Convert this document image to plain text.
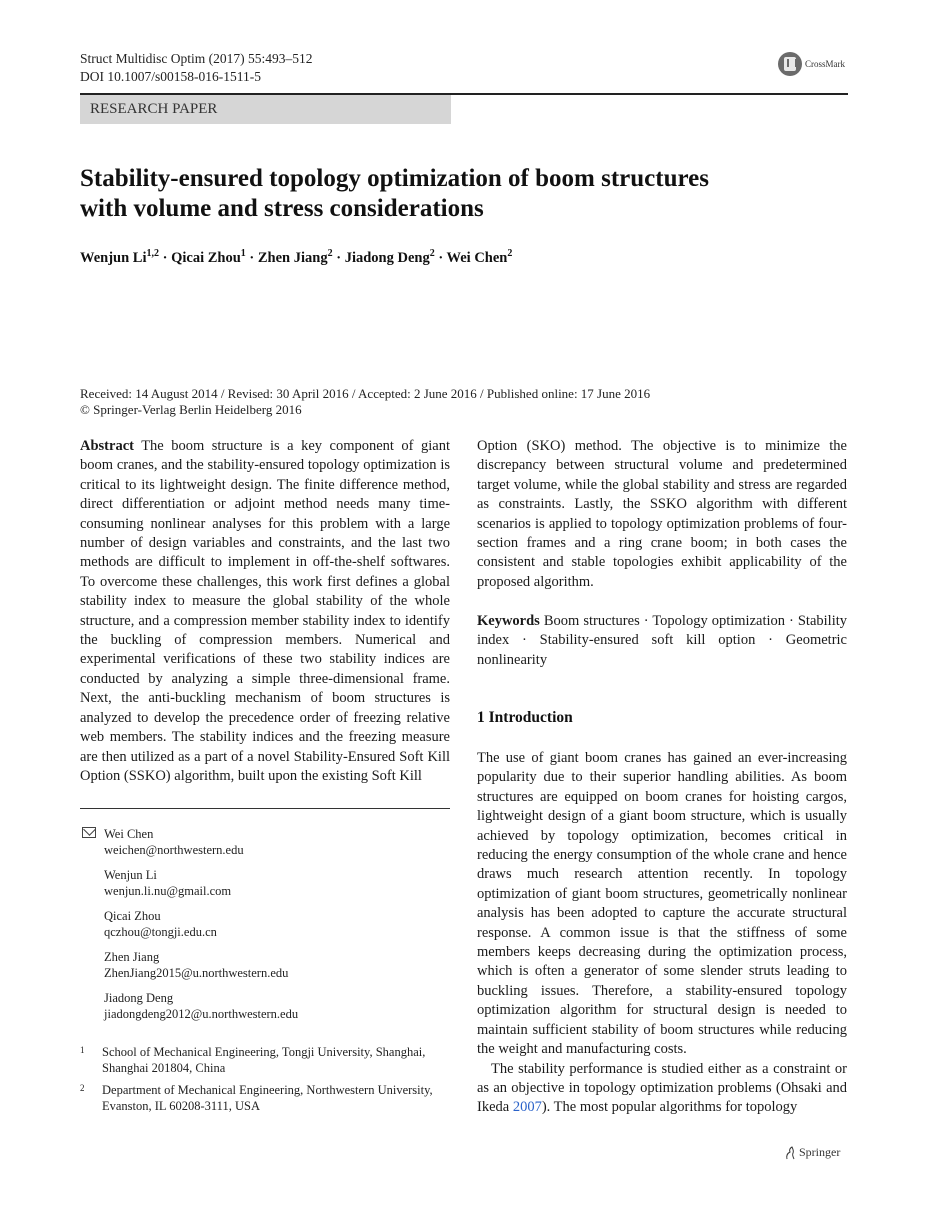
Struct Multidisc Optim (2017) 55:493–512
DOI 10.1007/s00158-016-1511-5
CrossMark
RESEARCH PAPER
Stability-ensured topology optimization of boom structures
with volume and stress considerations
Wenjun Li$^{1,2}$ · Qicai Zhou$^1$ · Zhen Jiang$^2$ · Jiadong Deng$^2$ · Wei Chen$^2$
Received: 14 August 2014 / Revised: 30 April 2016 / Accepted: 2 June 2016 / Published online: 17 June 2016
© Springer-Verlag Berlin Heidelberg 2016

Abstract The boom structure is a key component of giant boom cranes, and the stability-ensured topology optimization is critical to its lightweight design. The finite difference method, direct differentiation or adjoint method needs many time-consuming nonlinear analyses for this problem with a large number of design variables and constraints, and the last two methods are difficult to implement in off-the-shelf softwares. To overcome these challenges, this work first defines a global stability index to measure the global stability of the whole structure, and a compression member stability index to identify the buckling of compression members. Numerical and experimental verifications of these two stability indices are conducted by analyzing a simple three-dimensional frame. Next, the anti-buckling mechanism of boom structures is analyzed to develop the precedence order of freezing relative web members. The stability indices and the freezing measure are then utilized as a part of a novel Stability-Ensured Soft Kill Option (SSKO) algorithm, built upon the existing Soft Kill

Option (SKO) method. The objective is to minimize the discrepancy between structural volume and predetermined target volume, while the global stability and stress are regarded as constraints. Lastly, the SSKO algorithm with different scenarios is applied to topology optimization problems of four-section frames and a ring crane boom; in both cases the consistent and stable topologies exhibit applicability of the proposed algorithm.

Keywords Boom structures · Topology optimization · Stability index · Stability-ensured soft kill option · Geometric nonlinearity

1 Introduction

The use of giant boom cranes has gained an ever-increasing popularity due to their superior handling abilities. As boom structures are equipped on boom cranes for hoisting cargos, lightweight design of a giant boom structure, which is usually achieved by topology optimization, becomes critical in reducing the energy consumption of the whole crane and hence draws much research attention recently. In topology optimization of giant boom structures, geometrically nonlinear analysis has been adopted to capture the accurate structural response. A common issue is that the stiffness of some members keeps decreasing during the optimization process, which is often a generator of some slender struts leading to buckling issues. Therefore, a stability-ensured topology optimization algorithm for structural design is needed to maintain sufficient stability of boom structures while reducing the weight and manufacturing costs.

The stability performance is studied either as a constraint or as an objective in topology optimization problems (Ohsaki and Ikeda 2007). The most popular algorithms for topology

Wei Chen
weichen@northwestern.edu
Wenjun Li
wenjun.li.nu@gmail.com
Qicai Zhou
qczhou@tongji.edu.cn
Zhen Jiang
ZhenJiang2015@u.northwestern.edu
Jiadong Deng
jiadongdeng2012@u.northwestern.edu
1	School of Mechanical Engineering, Tongji University, Shanghai, Shanghai 201804, China
2	Department of Mechanical Engineering, Northwestern University, Evanston, IL 60208-3111, USA
Springer
